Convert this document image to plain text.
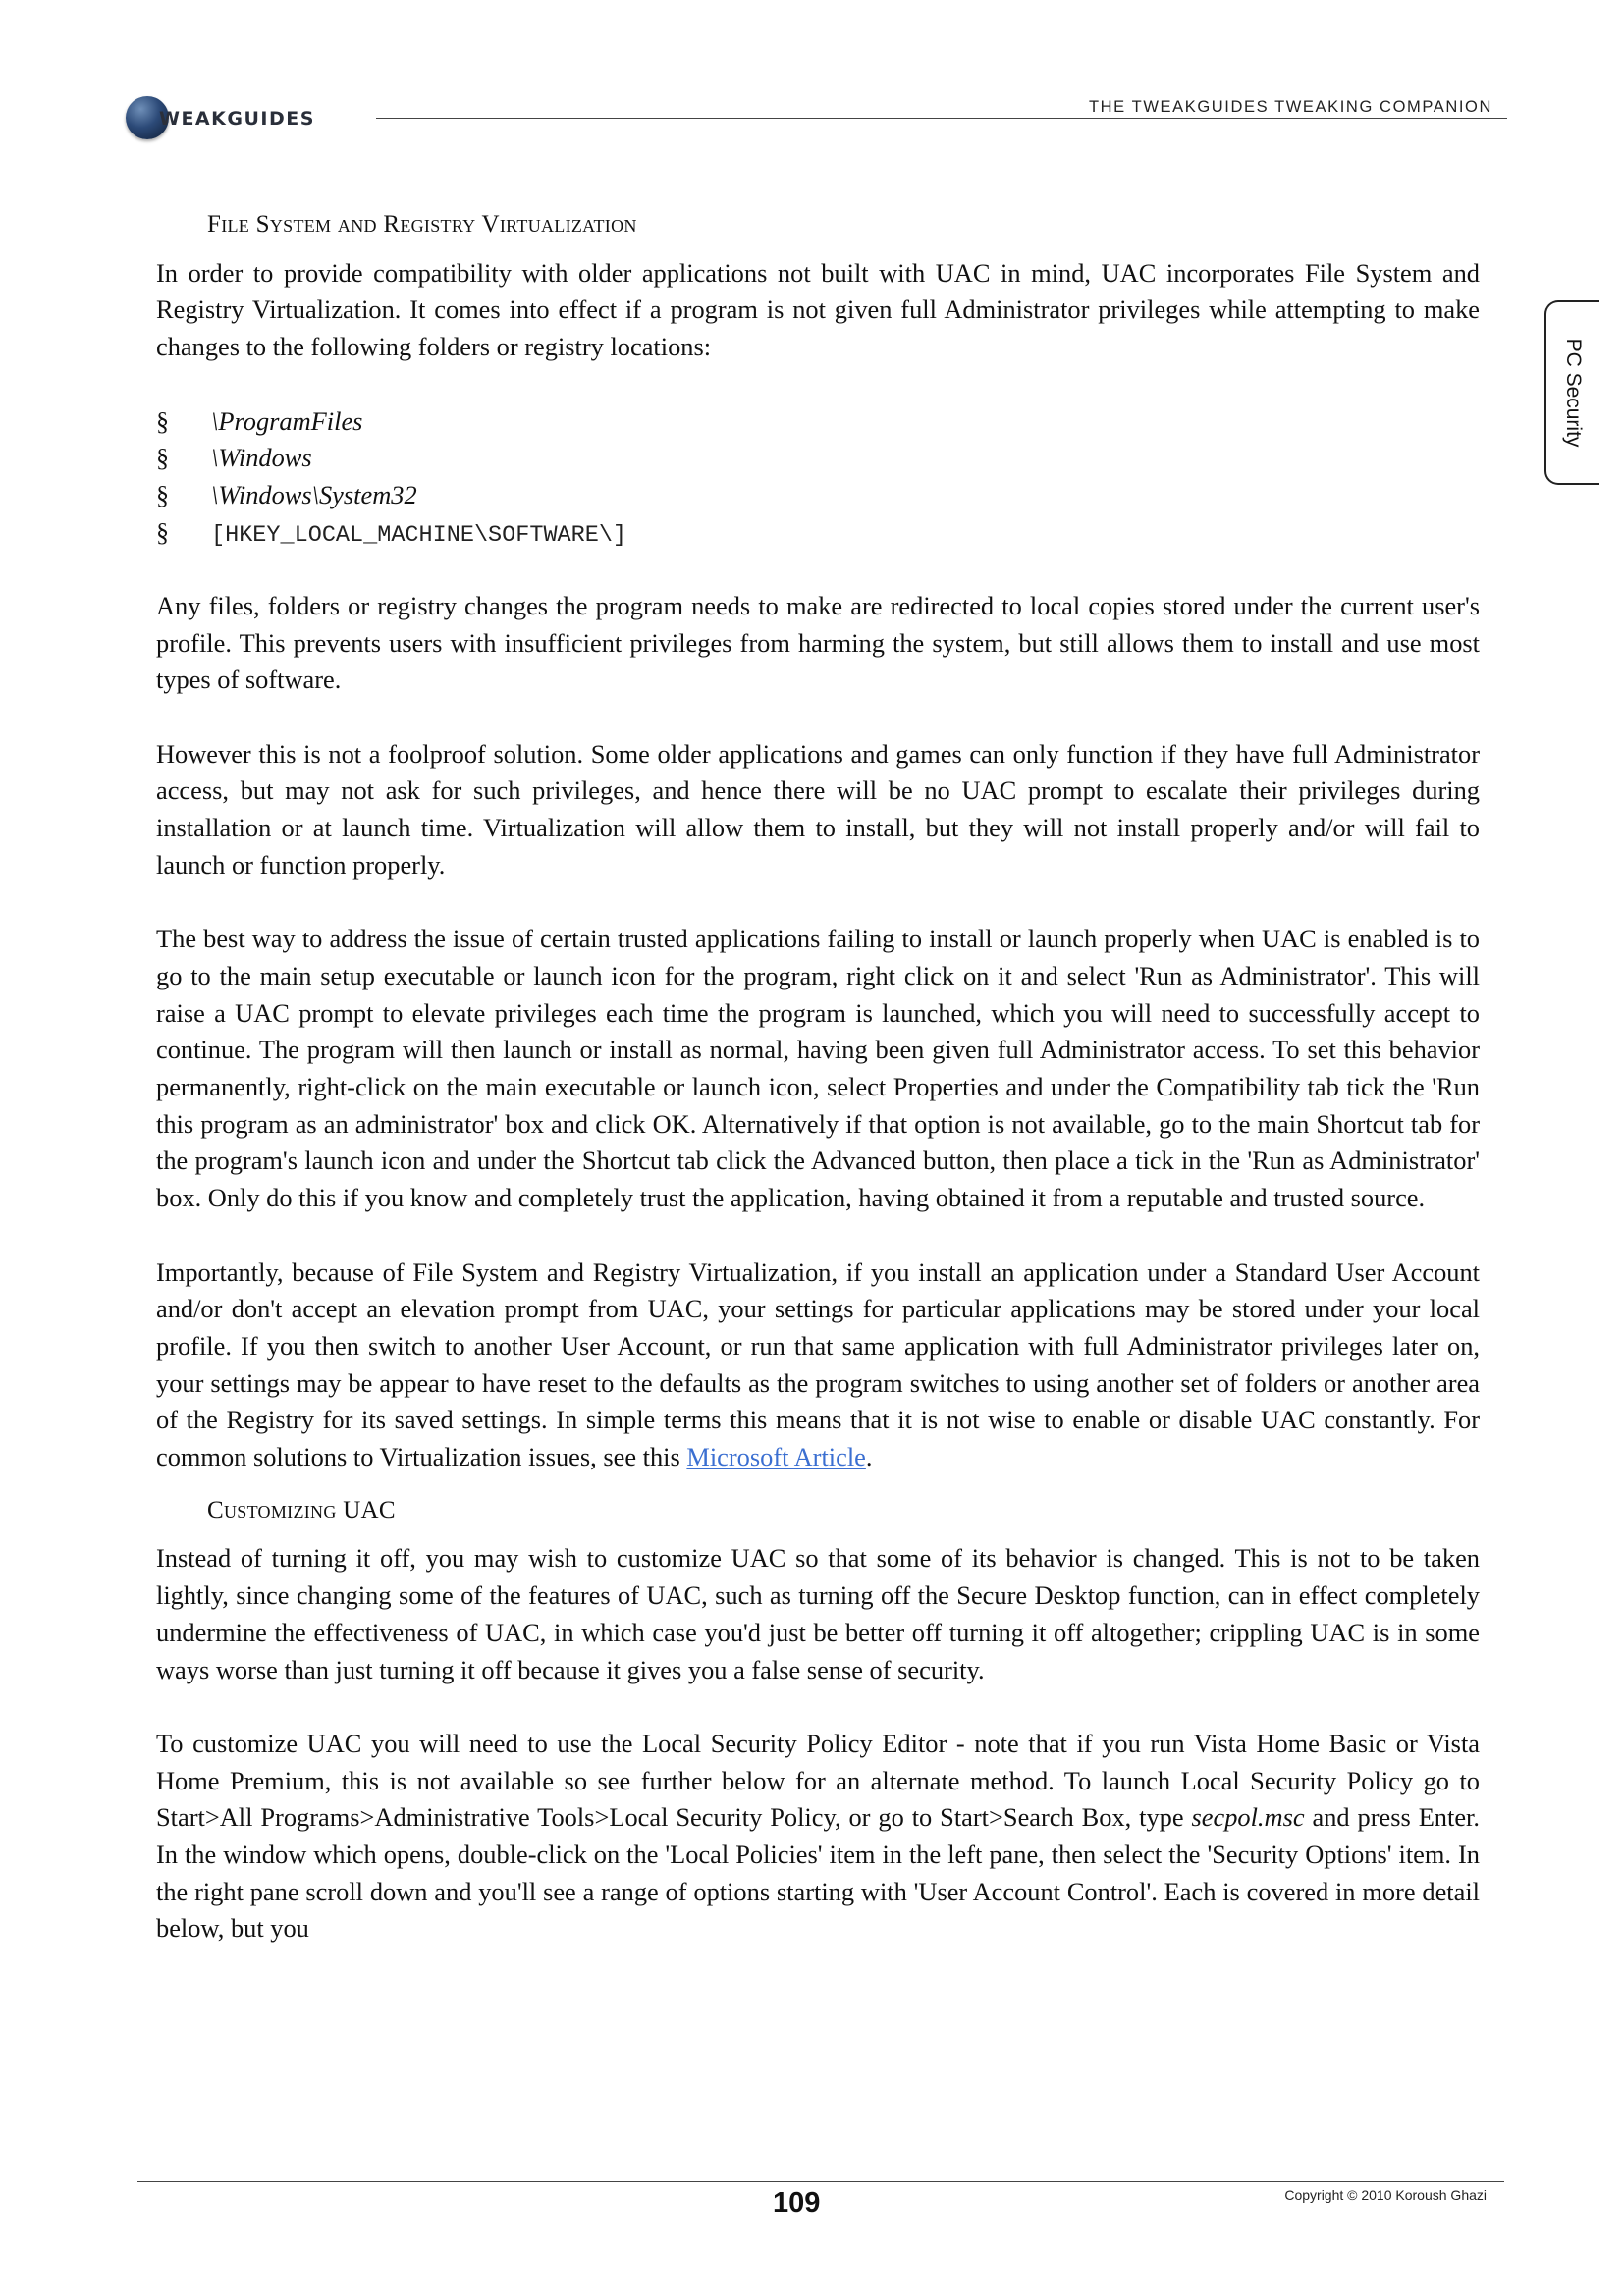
WEAKGUIDES
THE TWEAKGUIDES TWEAKING COMPANION
PC Security
File System and Registry Virtualization

In order to provide compatibility with older applications not built with UAC in mind, UAC incorporates File System and Registry Virtualization. It comes into effect if a program is not given full Administrator privileges while attempting to make changes to the following folders or registry locations:

§ \ProgramFiles
§ \Windows
§ \Windows\System32
§ [HKEY_LOCAL_MACHINE\SOFTWARE\]

Any files, folders or registry changes the program needs to make are redirected to local copies stored under the current user's profile. This prevents users with insufficient privileges from harming the system, but still allows them to install and use most types of software.

However this is not a foolproof solution. Some older applications and games can only function if they have full Administrator access, but may not ask for such privileges, and hence there will be no UAC prompt to escalate their privileges during installation or at launch time. Virtualization will allow them to install, but they will not install properly and/or will fail to launch or function properly.

The best way to address the issue of certain trusted applications failing to install or launch properly when UAC is enabled is to go to the main setup executable or launch icon for the program, right click on it and select 'Run as Administrator'. This will raise a UAC prompt to elevate privileges each time the program is launched, which you will need to successfully accept to continue. The program will then launch or install as normal, having been given full Administrator access. To set this behavior permanently, right-click on the main executable or launch icon, select Properties and under the Compatibility tab tick the 'Run this program as an administrator' box and click OK. Alternatively if that option is not available, go to the main Shortcut tab for the program's launch icon and under the Shortcut tab click the Advanced button, then place a tick in the 'Run as Administrator' box. Only do this if you know and completely trust the application, having obtained it from a reputable and trusted source.

Importantly, because of File System and Registry Virtualization, if you install an application under a Standard User Account and/or don't accept an elevation prompt from UAC, your settings for particular applications may be stored under your local profile. If you then switch to another User Account, or run that same application with full Administrator privileges later on, your settings may be appear to have reset to the defaults as the program switches to using another set of folders or another area of the Registry for its saved settings. In simple terms this means that it is not wise to enable or disable UAC constantly. For common solutions to Virtualization issues, see this Microsoft Article.

Customizing UAC

Instead of turning it off, you may wish to customize UAC so that some of its behavior is changed. This is not to be taken lightly, since changing some of the features of UAC, such as turning off the Secure Desktop function, can in effect completely undermine the effectiveness of UAC, in which case you'd just be better off turning it off altogether; crippling UAC is in some ways worse than just turning it off because it gives you a false sense of security.

To customize UAC you will need to use the Local Security Policy Editor - note that if you run Vista Home Basic or Vista Home Premium, this is not available so see further below for an alternate method. To launch Local Security Policy go to Start>All Programs>Administrative Tools>Local Security Policy, or go to Start>Search Box, type secpol.msc and press Enter. In the window which opens, double-click on the 'Local Policies' item in the left pane, then select the 'Security Options' item. In the right pane scroll down and you'll see a range of options starting with 'User Account Control'. Each is covered in more detail below, but you

109	Copyright © 2010 Koroush Ghazi
